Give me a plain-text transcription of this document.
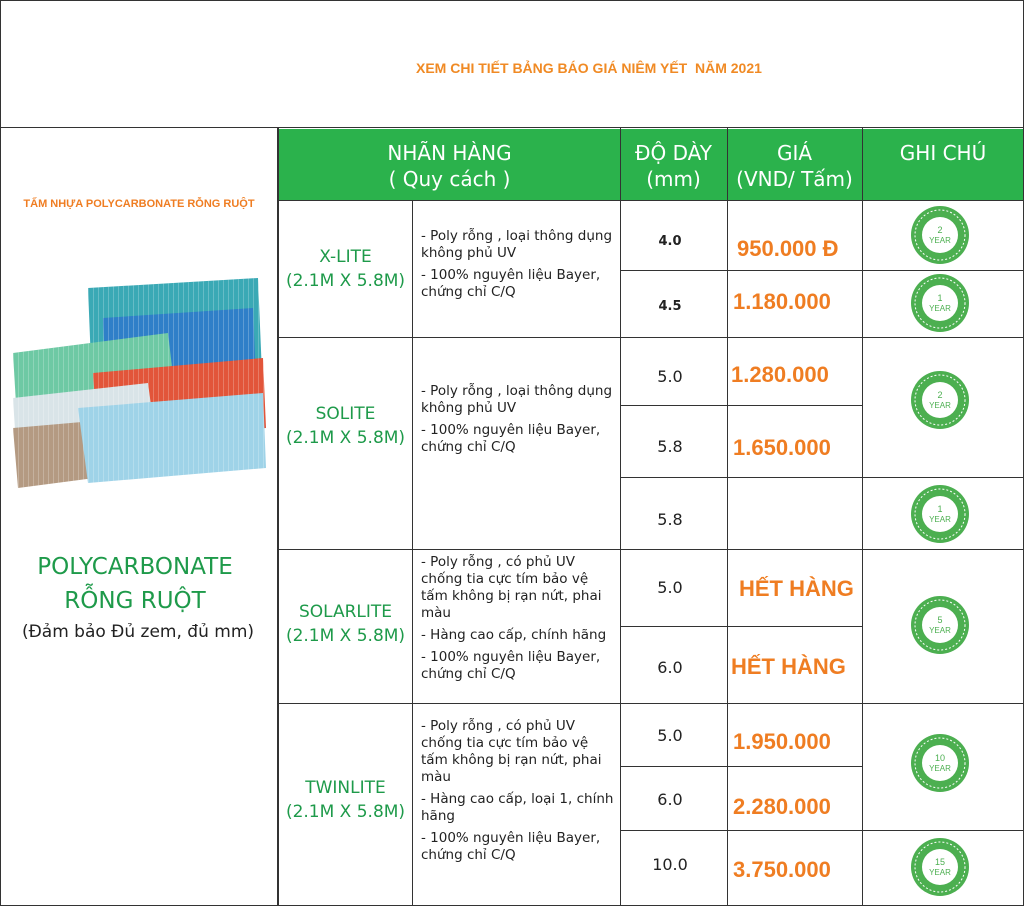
XEM CHI TIẾT BẢNG BÁO GIÁ NIÊM YẾT  NĂM 2021
TẤM NHỰA POLYCARBONATE RỖNG RUỘT
POLYCARBONATE
RỖNG RUỘT
(Đảm bảo Đủ zem, đủ mm)
NHÃN HÀNG
( Quy cách )
ĐỘ DÀY
(mm)
GIÁ
(VND/ Tấm)
GHI CHÚ
X-LITE
(2.1M X 5.8M)

- Poly rỗng , loại thông dụng không phủ UV

- 100% nguyên liệu Bayer, chứng chỉ C/Q

4.0
4.5
950.000 Đ
1.180.000
SOLITE
(2.1M X 5.8M)

- Poly rỗng , loại thông dụng không phủ UV

- 100% nguyên liệu Bayer, chứng chỉ C/Q

5.0
5.8
5.8
1.280.000
1.650.000
SOLARLITE
(2.1M X 5.8M)

- Poly rỗng , có phủ UV chống tia cực tím bảo vệ tấm không bị rạn nứt, phai màu

- Hàng cao cấp, chính hãng

- 100% nguyên liệu Bayer, chứng chỉ C/Q

5.0
6.0
HẾT HÀNG
HẾT HÀNG
TWINLITE
(2.1M X 5.8M)

- Poly rỗng , có phủ UV chống tia cực tím bảo vệ tấm không bị rạn nứt, phai màu

- Hàng cao cấp, loại 1, chính hãng

- 100% nguyên liệu Bayer, chứng chỉ C/Q

5.0
6.0
10.0
1.950.000
2.280.000
3.750.000
2
YEAR
1
YEAR
2
YEAR
1
YEAR
5
YEAR
10
YEAR
15
YEAR
